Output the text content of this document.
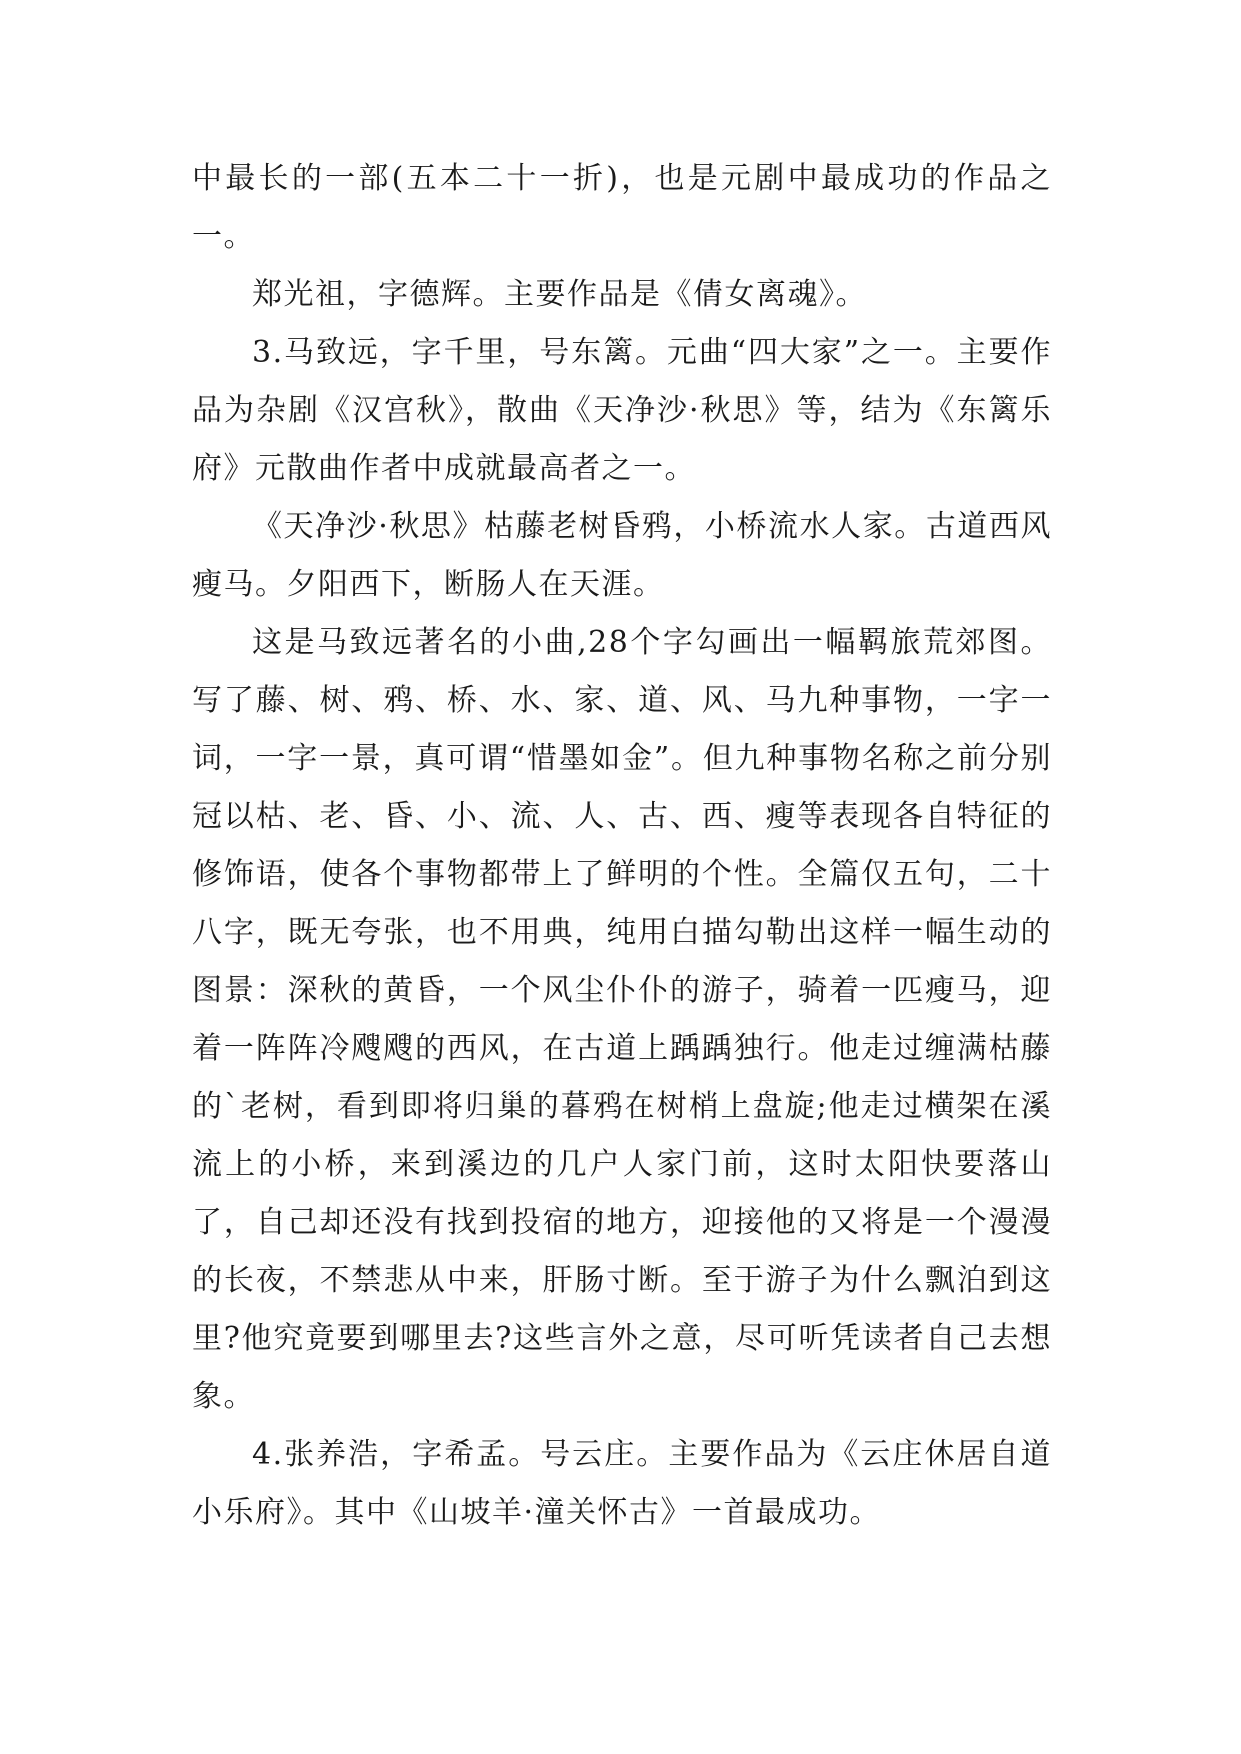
中最长的一部(五本二十一折)，也是元剧中最成功的作品之一。

郑光祖，字德辉。主要作品是《倩女离魂》。

3.马致远，字千里，号东篱。元曲“四大家”之一。主要作品为杂剧《汉宫秋》，散曲《天净沙·秋思》等，结为《东篱乐府》元散曲作者中成就最高者之一。

《天净沙·秋思》枯藤老树昏鸦，小桥流水人家。古道西风瘦马。夕阳西下，断肠人在天涯。

这是马致远著名的小曲,28个字勾画出一幅羁旅荒郊图。写了藤、树、鸦、桥、水、家、道、风、马九种事物，一字一词，一字一景，真可谓“惜墨如金”。但九种事物名称之前分别冠以枯、老、昏、小、流、人、古、西、瘦等表现各自特征的修饰语，使各个事物都带上了鲜明的个性。全篇仅五句，二十八字，既无夸张，也不用典，纯用白描勾勒出这样一幅生动的图景：深秋的黄昏，一个风尘仆仆的游子，骑着一匹瘦马，迎着一阵阵冷飕飕的西风，在古道上踽踽独行。他走过缠满枯藤的`老树，看到即将归巢的暮鸦在树梢上盘旋;他走过横架在溪流上的小桥，来到溪边的几户人家门前，这时太阳快要落山了，自己却还没有找到投宿的地方，迎接他的又将是一个漫漫的长夜，不禁悲从中来，肝肠寸断。至于游子为什么飘泊到这里?他究竟要到哪里去?这些言外之意，尽可听凭读者自己去想象。

4.张养浩，字希孟。号云庄。主要作品为《云庄休居自道小乐府》。其中《山坡羊·潼关怀古》一首最成功。
